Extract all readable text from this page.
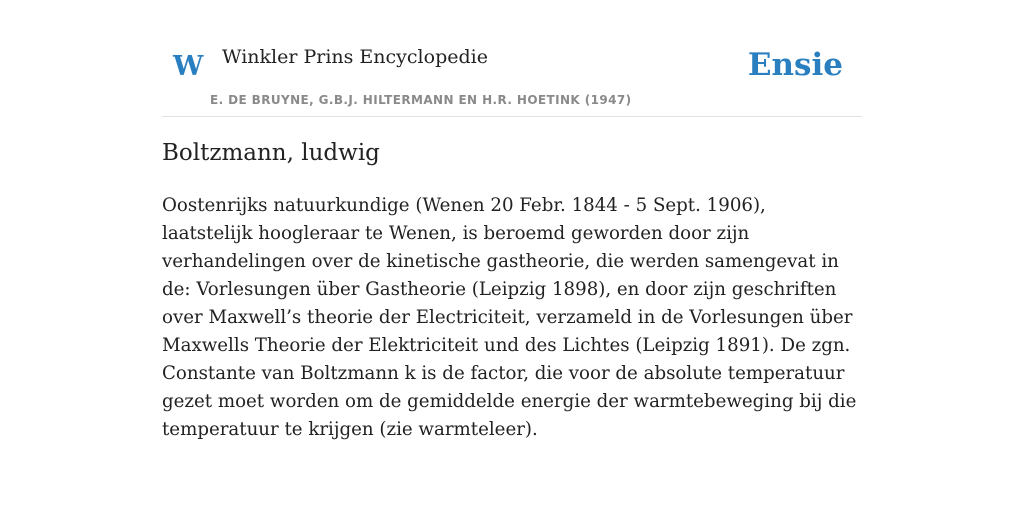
W Winkler Prins Encyclopedie
E. DE BRUYNE, G.B.J. HILTERMANN EN H.R. HOETINK (1947)
Ensie
Boltzmann, ludwig

Oostenrijks natuurkundige (Wenen 20 Febr. 1844 - 5 Sept. 1906), laatstelijk hoogleraar te Wenen, is beroemd geworden door zijn verhandelingen over de kinetische gastheorie, die werden samengevat in de: Vorlesungen über Gastheorie (Leipzig 1898), en door zijn geschriften over Maxwell’s theorie der Electriciteit, verzameld in de Vorlesungen über Maxwells Theorie der Elektriciteit und des Lichtes (Leipzig 1891). De zgn. Constante van Boltzmann k is de factor, die voor de absolute temperatuur gezet moet worden om de gemiddelde energie der warmtebeweging bij die temperatuur te krijgen (zie warmteleer).
